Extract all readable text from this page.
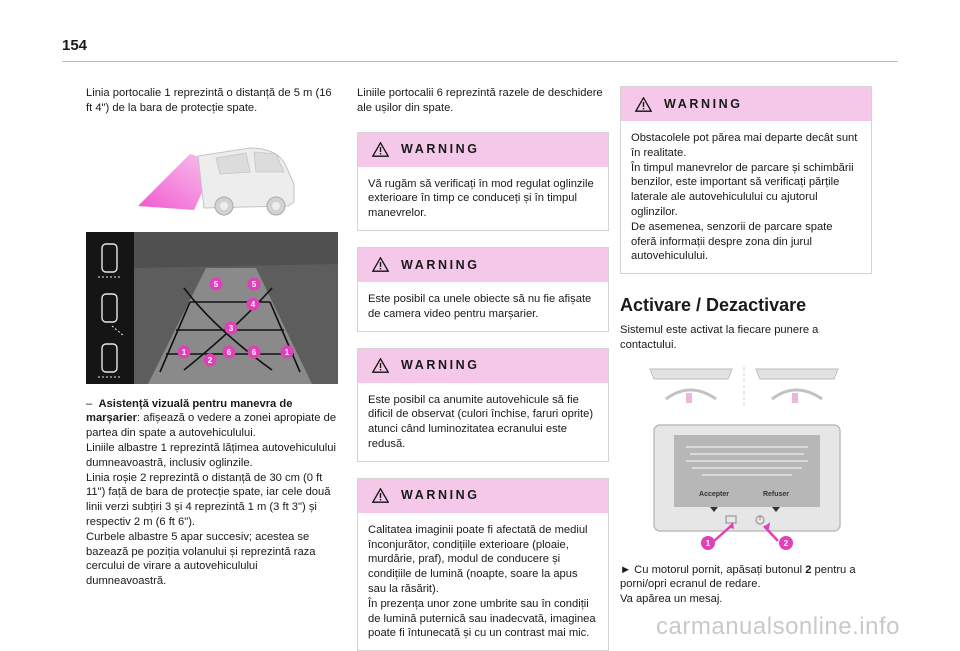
154

Linia portocalie 1 reprezintă o distanță de 5 m (16 ft 4") de la bara de protecție spate.

5	5
4
3
1	6	6	1
2

– Asistență vizuală pentru manevra de marșarier: afișează o vedere a zonei apropiate de partea din spate a autovehiculului.

Liniile albastre 1 reprezintă lățimea autovehiculului dumneavoastră, inclusiv oglinzile.

Linia roșie 2 reprezintă o distanță de 30 cm (0 ft 11") față de bara de protecție spate, iar cele două linii verzi subțiri 3 și 4 reprezintă 1 m (3 ft 3") și respectiv 2 m (6 ft 6").

Curbele albastre 5 apar succesiv; acestea se bazează pe poziția volanului și reprezintă raza cercului de virare a autovehiculului dumneavoastră.

Liniile portocalii 6 reprezintă razele de deschidere ale ușilor din spate.

WARNING

Vă rugăm să verificați în mod regulat oglinzile exterioare în timp ce conduceți și în timpul manevrelor.

WARNING

Este posibil ca unele obiecte să nu fie afișate de camera video pentru marșarier.

WARNING

Este posibil ca anumite autovehicule să fie dificil de observat (culori închise, faruri oprite) atunci când luminozitatea ecranului este redusă.

WARNING

Calitatea imaginii poate fi afectată de mediul înconjurător, condițiile exterioare (ploaie, murdărie, praf), modul de conducere și condițiile de lumină (noapte, soare la apus sau la răsărit).
În prezența unor zone umbrite sau în condiții de lumină puternică sau inadecvată, imaginea poate fi întunecată și cu un contrast mai mic.

WARNING

Obstacolele pot părea mai departe decât sunt în realitate.
În timpul manevrelor de parcare și schimbării benzilor, este important să verificați părțile laterale ale autovehiculului cu ajutorul oglinzilor.
De asemenea, senzorii de parcare spate oferă informații despre zona din jurul autovehiculului.

Activare / Dezactivare

Sistemul este activat la fiecare punere a contactului.

Accepter	Refuser
1	2

► Cu motorul pornit, apăsați butonul 2 pentru a porni/opri ecranul de redare.

Va apărea un mesaj.

carmanualsonline.info
